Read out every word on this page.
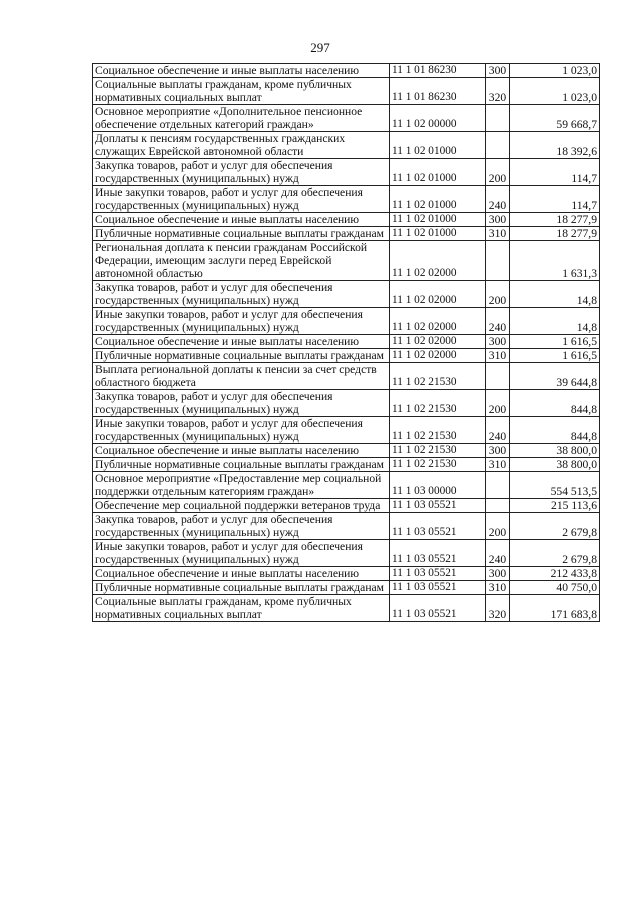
297
Социальное обеспечение и иные выплаты населению	11 1 01 86230	300	1 023,0
Социальные выплаты гражданам, кроме публичных нормативных социальных выплат	11 1 01 86230	320	1 023,0
Основное мероприятие «Дополнительное пенсионное обеспечение отдельных категорий граждан»	11 1 02 00000		59 668,7
Доплаты к пенсиям государственных гражданских служащих Еврейской автономной области	11 1 02 01000		18 392,6
Закупка товаров, работ и услуг для обеспечения государственных (муниципальных) нужд	11 1 02 01000	200	114,7
Иные закупки товаров, работ и услуг для обеспечения государственных (муниципальных) нужд	11 1 02 01000	240	114,7
Социальное обеспечение и иные выплаты населению	11 1 02 01000	300	18 277,9
Публичные нормативные социальные выплаты гражданам	11 1 02 01000	310	18 277,9
Региональная доплата к пенсии гражданам Российской Федерации, имеющим заслуги перед Еврейской автономной областью	11 1 02 02000		1 631,3
Закупка товаров, работ и услуг для обеспечения государственных (муниципальных) нужд	11 1 02 02000	200	14,8
Иные закупки товаров, работ и услуг для обеспечения государственных (муниципальных) нужд	11 1 02 02000	240	14,8
Социальное обеспечение и иные выплаты населению	11 1 02 02000	300	1 616,5
Публичные нормативные социальные выплаты гражданам	11 1 02 02000	310	1 616,5
Выплата региональной доплаты к пенсии за счет средств областного бюджета	11 1 02 21530		39 644,8
Закупка товаров, работ и услуг для обеспечения государственных (муниципальных) нужд	11 1 02 21530	200	844,8
Иные закупки товаров, работ и услуг для обеспечения государственных (муниципальных) нужд	11 1 02 21530	240	844,8
Социальное обеспечение и иные выплаты населению	11 1 02 21530	300	38 800,0
Публичные нормативные социальные выплаты гражданам	11 1 02 21530	310	38 800,0
Основное мероприятие «Предоставление мер социальной поддержки отдельным категориям граждан»	11 1 03 00000		554 513,5
Обеспечение мер социальной поддержки ветеранов труда	11 1 03 05521		215 113,6
Закупка товаров, работ и услуг для обеспечения государственных (муниципальных) нужд	11 1 03 05521	200	2 679,8
Иные закупки товаров, работ и услуг для обеспечения государственных (муниципальных) нужд	11 1 03 05521	240	2 679,8
Социальное обеспечение и иные выплаты населению	11 1 03 05521	300	212 433,8
Публичные нормативные социальные выплаты гражданам	11 1 03 05521	310	40 750,0
Социальные выплаты гражданам, кроме публичных нормативных социальных выплат	11 1 03 05521	320	171 683,8
